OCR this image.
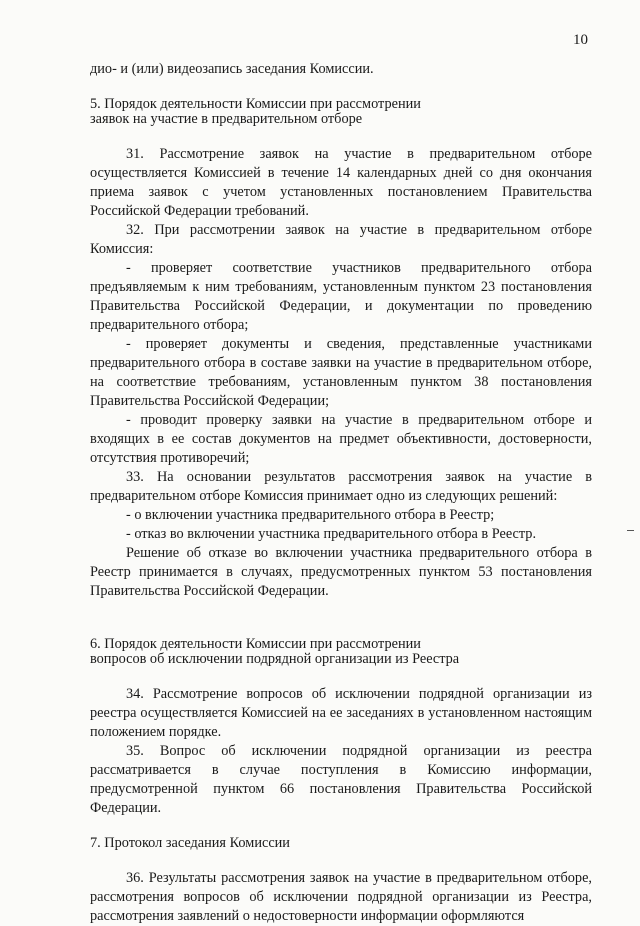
10

дио- и (или) видеозапись заседания Комиссии.

5. Порядок деятельности Комиссии при рассмотрении

заявок на участие в предварительном отборе

31. Рассмотрение заявок на участие в предварительном отборе осуществляется Комиссией в течение 14 календарных дней со дня окончания приема заявок с учетом установленных постановлением Правительства Российской Федерации требований.

32. При рассмотрении заявок на участие в предварительном отборе Комиссия:

- проверяет соответствие участников предварительного отбора предъявляемым к ним требованиям, установленным пунктом 23 постановления Правительства Российской Федерации, и документации по проведению предварительного отбора;

- проверяет документы и сведения, представленные участниками предварительного отбора в составе заявки на участие в предварительном отборе, на соответствие требованиям, установленным пунктом 38 постановления Правительства Российской Федерации;

- проводит проверку заявки на участие в предварительном отборе и входящих в ее состав документов на предмет объективности, достоверности, отсутствия противоречий;

33. На основании результатов рассмотрения заявок на участие в предварительном отборе Комиссия принимает одно из следующих решений:

- о включении участника предварительного отбора в Реестр;

- отказ во включении участника предварительного отбора в Реестр.

Решение об отказе во включении участника предварительного отбора в Реестр принимается в случаях, предусмотренных пунктом 53 постановления Правительства Российской Федерации.

6. Порядок деятельности Комиссии при рассмотрении

вопросов об исключении подрядной организации из Реестра

34. Рассмотрение вопросов об исключении подрядной организации из реестра осуществляется Комиссией на ее заседаниях в установленном настоящим положением порядке.

35. Вопрос об исключении подрядной организации из реестра рассматривается в случае поступления в Комиссию информации, предусмотренной пунктом 66 постановления Правительства Российской Федерации.

7. Протокол заседания Комиссии

36. Результаты рассмотрения заявок на участие в предварительном отборе, рассмотрения вопросов об исключении подрядной организации из Реестра, рассмотрения заявлений о недостоверности информации оформляются
